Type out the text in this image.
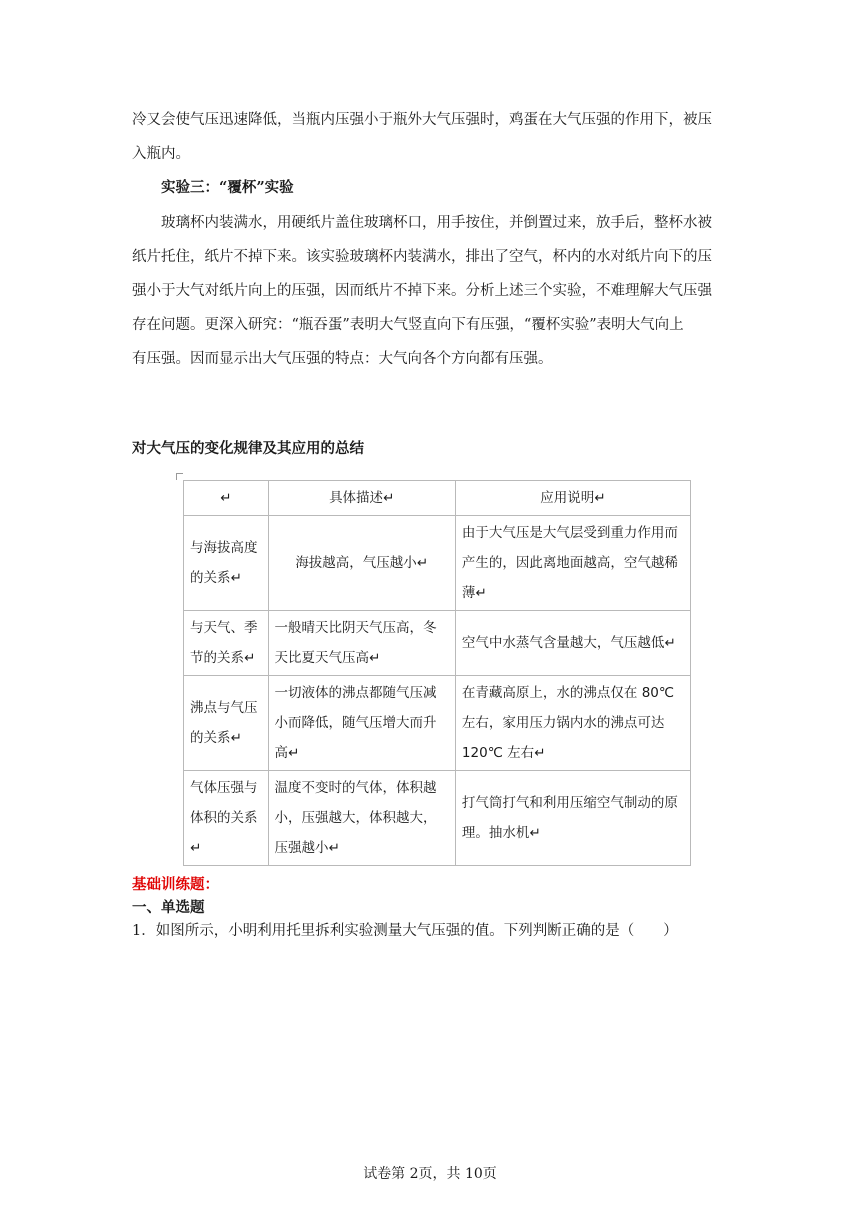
冷又会使气压迅速降低，当瓶内压强小于瓶外大气压强时，鸡蛋在大气压强的作用下，被压

入瓶内。

实验三：“覆杯”实验

玻璃杯内装满水，用硬纸片盖住玻璃杯口，用手按住，并倒置过来，放手后，整杯水被

纸片托住，纸片不掉下来。该实验玻璃杯内装满水，排出了空气，杯内的水对纸片向下的压

强小于大气对纸片向上的压强，因而纸片不掉下来。分析上述三个实验，不难理解大气压强

存在问题。更深入研究：“瓶吞蛋”表明大气竖直向下有压强，“覆杯实验”表明大气向上

有压强。因而显示出大气压强的特点：大气向各个方向都有压强。

对大气压的变化规律及其应用的总结

↵	具体描述↵	应用说明↵
与海拔高度的关系↵	海拔越高，气压越小↵	由于大气压是大气层受到重力作用而产生的，因此离地面越高，空气越稀薄↵
与天气、季节的关系↵	一般晴天比阴天气压高，冬天比夏天气压高↵	空气中水蒸气含量越大，气压越低↵
沸点与气压的关系↵	一切液体的沸点都随气压减小而降低，随气压增大而升高↵	在青藏高原上，水的沸点仅在 80℃ 左右，家用压力锅内水的沸点可达 120℃ 左右↵
气体压强与体积的关系↵	温度不变时的气体，体积越小，压强越大，体积越大，压强越小↵	打气筒打气和利用压缩空气制动的原理。抽水机↵

基础训练题：

一、单选题

1．如图所示，小明利用托里拆利实验测量大气压强的值。下列判断正确的是（　　）

试卷第 2页，共 10页
